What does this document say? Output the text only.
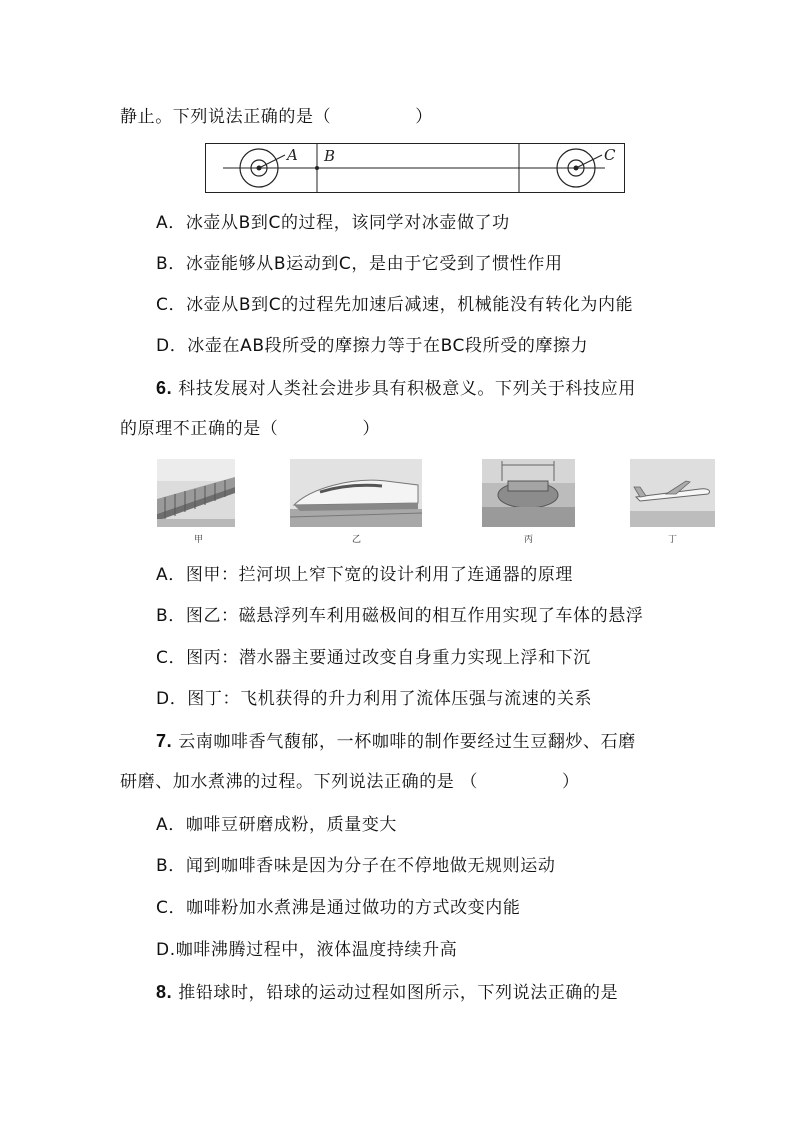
静止。下列说法正确的是（	）
A B	C
A．冰壶从B到C的过程，该同学对冰壶做了功
B．冰壶能够从B运动到C，是由于它受到了惯性作用
C．冰壶从B到C的过程先加速后减速，机械能没有转化为内能
D．冰壶在AB段所受的摩擦力等于在BC段所受的摩擦力
6. 科技发展对人类社会进步具有积极意义。下列关于科技应用
的原理不正确的是（	）
甲	乙	丙	丁
A．图甲：拦河坝上窄下宽的设计利用了连通器的原理
B．图乙：磁悬浮列车利用磁极间的相互作用实现了车体的悬浮
C．图丙：潜水器主要通过改变自身重力实现上浮和下沉
D．图丁：飞机获得的升力利用了流体压强与流速的关系
7. 云南咖啡香气馥郁，一杯咖啡的制作要经过生豆翻炒、石磨
研磨、加水煮沸的过程。下列说法正确的是 （	）
A．咖啡豆研磨成粉，质量变大
B．闻到咖啡香味是因为分子在不停地做无规则运动
C．咖啡粉加水煮沸是通过做功的方式改变内能
D.咖啡沸腾过程中，液体温度持续升高
8. 推铅球时，铅球的运动过程如图所示，下列说法正确的是
